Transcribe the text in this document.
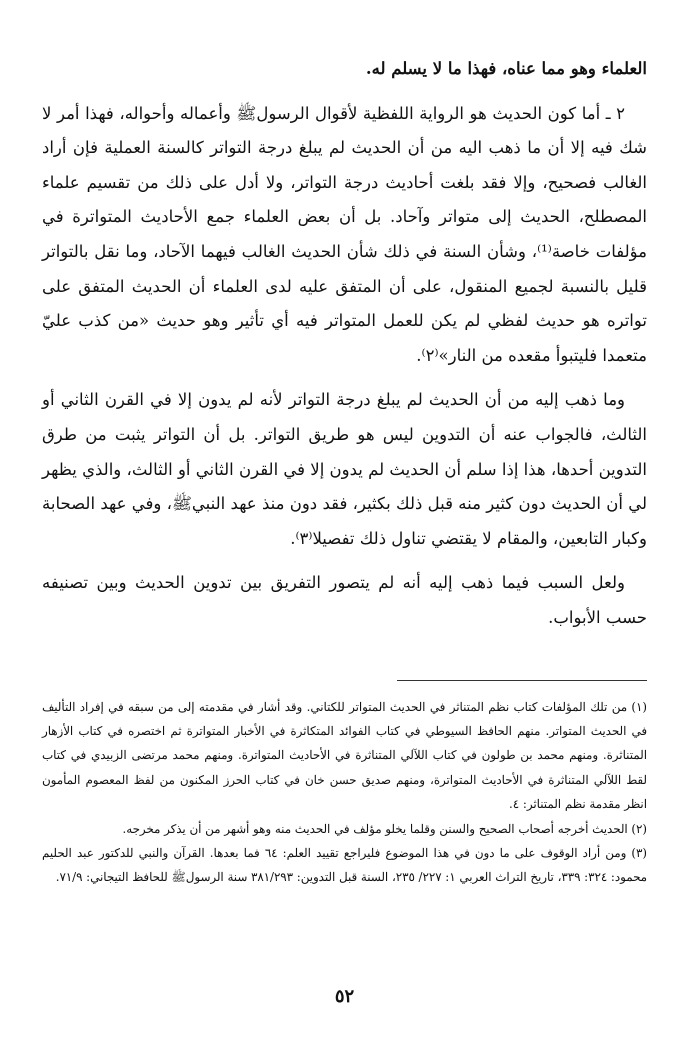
العلماء وهو مما عناه، فهذا ما لا يسلم له.

٢ ـ أما كون الحديث هو الرواية اللفظية لأقوال الرسولﷺ وأعماله وأحواله، فهذا أمر لا شك فيه إلا أن ما ذهب اليه من أن الحديث لم يبلغ درجة التواتر كالسنة العملية فإن أراد الغالب فصحيح، وإلا فقد بلغت أحاديث درجة التواتر، ولا أدل على ذلك من تقسيم علماء المصطلح، الحديث إلى متواتر وآحاد. بل أن بعض العلماء جمع الأحاديث المتواترة في مؤلفات خاصة⁽¹⁾، وشأن السنة في ذلك شأن الحديث الغالب فيهما الآحاد، وما نقل بالتواتر قليل بالنسبة لجميع المنقول، على أن المتفق عليه لدى العلماء أن الحديث المتفق على تواتره هو حديث لفظي لم يكن للعمل المتواتر فيه أي تأثير وهو حديث «من كذب عليّ متعمدا فليتبوأ مقعده من النار»⁽٢⁾.

وما ذهب إليه من أن الحديث لم يبلغ درجة التواتر لأنه لم يدون إلا في القرن الثاني أو الثالث، فالجواب عنه أن التدوين ليس هو طريق التواتر. بل أن التواتر يثبت من طرق التدوين أحدها، هذا إذا سلم أن الحديث لم يدون إلا في القرن الثاني أو الثالث، والذي يظهر لي أن الحديث دون كثير منه قبل ذلك بكثير، فقد دون منذ عهد النبيﷺ، وفي عهد الصحابة وكبار التابعين، والمقام لا يقتضي تناول ذلك تفصيلا⁽٣⁾.

ولعل السبب فيما ذهب إليه أنه لم يتصور التفريق بين تدوين الحديث وبين تصنيفه حسب الأبواب.

(١) من تلك المؤلفات كتاب نظم المتناثر في الحديث المتواتر للكتاني. وقد أشار في مقدمته إلى من سبقه في إفراد التأليف في الحديث المتواتر. منهم الحافظ السيوطي في كتاب الفوائد المتكاثرة في الأخبار المتواترة ثم اختصره في كتاب الأزهار المتناثرة. ومنهم محمد بن طولون في كتاب اللآلي المتناثرة في الأحاديث المتواترة. ومنهم محمد مرتضى الزبيدي في كتاب لقط اللآلي المتناثرة في الأحاديث المتواترة، ومنهم صديق حسن خان في كتاب الحرز المكنون من لفظ المعصوم المأمون انظر مقدمة نظم المتناثر: ٤.

(٢) الحديث أخرجه أصحاب الصحيح والسنن وقلما يخلو مؤلف في الحديث منه وهو أشهر من أن يذكر مخرجه.

(٣) ومن أراد الوقوف على ما دون في هذا الموضوع فليراجع تقييد العلم: ٦٤ فما بعدها. القرآن والنبي للدكتور عبد الحليم محمود: ٣٢٤: ٣٣٩، تاريخ التراث العربي ١: ٢٢٧/ ٢٣٥، السنة قبل التدوين: ٣٨١/٢٩٣ سنة الرسولﷺ للحافظ التيجاني: ٧١/٩.

٥٢
